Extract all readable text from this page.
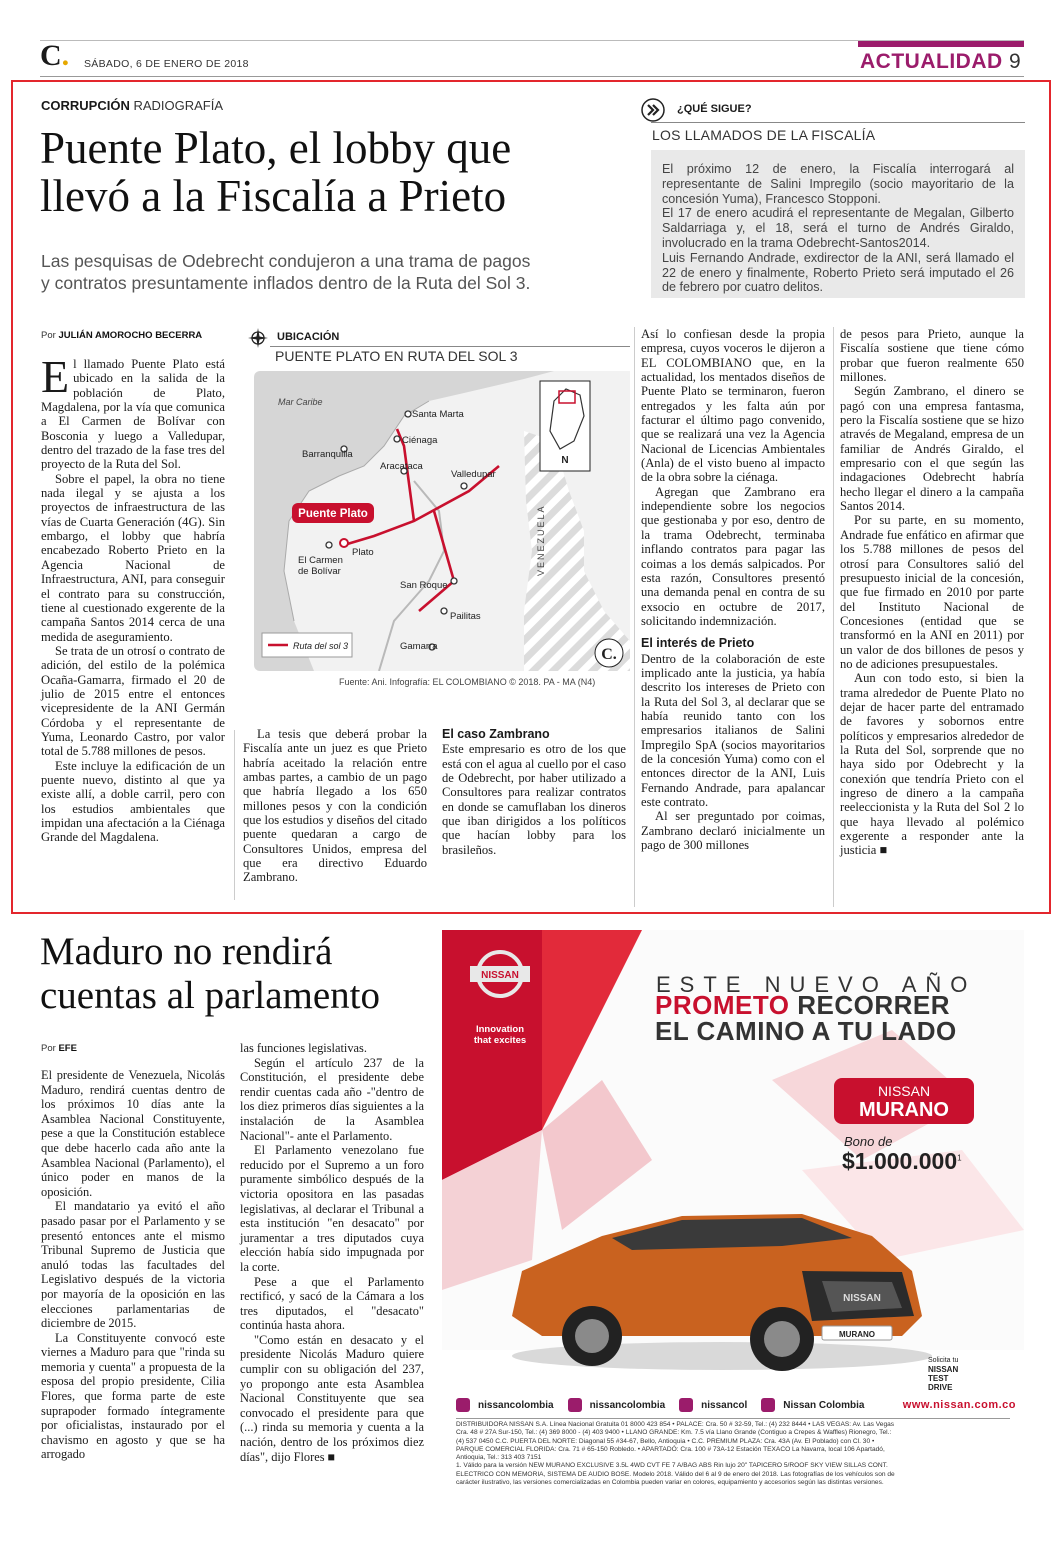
C. SÁBADO, 6 DE ENERO DE 2018	ACTUALIDAD 9
CORRUPCIÓN RADIOGRAFÍA
Puente Plato, el lobby que
llevó a la Fiscalía a Prieto
Las pesquisas de Odebrecht condujeron a una trama de pagos
y contratos presuntamente inflados dentro de la Ruta del Sol 3.
¿QUÉ SIGUE?
LOS LLAMADOS DE LA FISCALÍA
El próximo 12 de enero, la Fiscalía interrogará al representante de Salini Impregilo (socio mayoritario de la concesión Yuma), Francesco Stopponi.
El 17 de enero acudirá el representante de Megalan, Gilberto Saldarriaga y, el 18, será el turno de Andrés Giraldo, involucrado en la trama Odebrecht-Santos2014.
Luis Fernando Andrade, exdirector de la ANI, será llamado el 22 de enero y finalmente, Roberto Prieto será imputado el 26 de febrero por cuatro delitos.
Por JULIÁN AMOROCHO BECERRA
E l llamado Puente Plato está ubicado en la salida de la población de Plato, Magdalena, por la vía que comunica a El Carmen de Bolívar con Bosconia y luego a Valledupar, dentro del trazado de la fase tres del proyecto de la Ruta del Sol.

Sobre el papel, la obra no tiene nada ilegal y se ajusta a los proyectos de infraestructura de las vías de Cuarta Generación (4G). Sin embargo, el lobby que habría encabezado Roberto Prieto en la Agencia Nacional de Infraestructura, ANI, para conseguir el contrato para su construcción, tiene al cuestionado exgerente de la campaña Santos 2014 cerca de una medida de aseguramiento.

Se trata de un otrosí o contrato de adición, del estilo de la polémica Ocaña-Gamarra, firmado el 20 de julio de 2015 entre el entonces vicepresidente de la ANI Germán Córdoba y el representante de Yuma, Leonardo Castro, por valor total de 5.788 millones de pesos.

Este incluye la edificación de un puente nuevo, distinto al que ya existe allí, a doble carril, pero con los estudios ambientales que impidan una afectación a la Ciénaga Grande del Magdalena.

UBICACIÓN
PUENTE PLATO EN RUTA DEL SOL 3
Puente Plato
Mar Caribe
Santa Marta
Ciénaga
Barranquilla
Aracataca
Valledupar
Plato
El Carmen
de Bolívar
San Roque
Pailitas
Gamarra
VENEZUELA
N
Ruta del sol 3	C.
Fuente: Ani. Infografía: EL COLOMBIANO © 2018. PA - MA (N4)

La tesis que deberá probar la Fiscalía ante un juez es que Prieto habría aceitado la relación entre ambas partes, a cambio de un pago que habría llegado a los 650 millones pesos y con la condición que los estudios y diseños del citado puente quedaran a cargo de Consultores Unidos, empresa del que era directivo Eduardo Zambrano.

El caso Zambrano

Este empresario es otro de los que está con el agua al cuello por el caso de Odebrecht, por haber utilizado a Consultores para realizar contratos en donde se camuflaban los dineros que iban dirigidos a los políticos que hacían lobby para los brasileños.

Así lo confiesan desde la propia empresa, cuyos voceros le dijeron a EL COLOMBIANO que, en la actualidad, los mentados diseños de Puente Plato se terminaron, fueron entregados y les falta aún por facturar el último pago convenido, que se realizará una vez la Agencia Nacional de Licencias Ambientales (Anla) de el visto bueno al impacto de la obra sobre la ciénaga.

Agregan que Zambrano era independiente sobre los negocios que gestionaba y por eso, dentro de la trama Odebrecht, terminaba inflando contratos para pagar las coimas a los demás salpicados. Por esta razón, Consultores presentó una demanda penal en contra de su exsocio en octubre de 2017, solicitando indemnización.

El interés de Prieto

Dentro de la colaboración de este implicado ante la justicia, ya había descrito los intereses de Prieto con la Ruta del Sol 3, al declarar que se había reunido tanto con los empresarios italianos de Salini Impregilo SpA (socios mayoritarios de la concesión Yuma) como con el entonces director de la ANI, Luis Fernando Andrade, para apalancar este contrato.

Al ser preguntado por coimas, Zambrano declaró inicialmente un pago de 300 millones

de pesos para Prieto, aunque la Fiscalía sostiene que tiene cómo probar que fueron realmente 650 millones.

Según Zambrano, el dinero se pagó con una empresa fantasma, pero la Fiscalía sostiene que se hizo através de Megaland, empresa de un familiar de Andrés Giraldo, el empresario con el que según las indagaciones Odebrecht habría hecho llegar el dinero a la campaña Santos 2014.

Por su parte, en su momento, Andrade fue enfático en afirmar que los 5.788 millones de pesos del otrosí para Consultores salió del presupuesto inicial de la concesión, que fue firmado en 2010 por parte del Instituto Nacional de Concesiones (entidad que se transformó en la ANI en 2011) por un valor de dos billones de pesos y no de adiciones presupuestales.

Aun con todo esto, si bien la trama alrededor de Puente Plato no dejar de hacer parte del entramado de favores y sobornos entre políticos y empresarios alrededor de la Ruta del Sol, sorprende que no haya sido por Odebrecht y la conexión que tendría Prieto con el ingreso de dinero a la campaña reeleccionista y la Ruta del Sol 2 lo que haya llevado al polémico exgerente a responder ante la justicia ■

Maduro no rendirá
cuentas al parlamento
Por EFE

El presidente de Venezuela, Nicolás Maduro, rendirá cuentas dentro de los próximos 10 días ante la Asamblea Nacional Constituyente, pese a que la Constitución establece que debe hacerlo cada año ante la Asamblea Nacional (Parlamento), el único poder en manos de la oposición.

El mandatario ya evitó el año pasado pasar por el Parlamento y se presentó entonces ante el mismo Tribunal Supremo de Justicia que anuló todas las facultades del Legislativo después de la victoria por mayoría de la oposición en las elecciones parlamentarias de diciembre de 2015.

La Constituyente convocó este viernes a Maduro para que "rinda su memoria y cuenta" a propuesta de la esposa del propio presidente, Cilia Flores, que forma parte de este suprapoder formado íntegramente por oficialistas, instaurado por el chavismo en agosto y que se ha arrogado

las funciones legislativas.

Según el artículo 237 de la Constitución, el presidente debe rendir cuentas cada año -"dentro de los diez primeros días siguientes a la instalación de la Asamblea Nacional"- ante el Parlamento.

El Parlamento venezolano fue reducido por el Supremo a un foro puramente simbólico después de la victoria opositora en las pasadas legislativas, al declarar el Tribunal a esta institución "en desacato" por juramentar a tres diputados cuya elección había sido impugnada por la corte.

Pese a que el Parlamento rectificó, y sacó de la Cámara a los tres diputados, el "desacato" continúa hasta ahora.

"Como están en desacato y el presidente Nicolás Maduro quiere cumplir con su obligación del 237, yo propongo ante esta Asamblea Nacional Constituyente que sea convocado el presidente para que (...) rinda su memoria y cuenta a la nación, dentro de los próximos diez días", dijo Flores ■

NISSAN
Innovation
that excites
ESTE NUEVO AÑO
PROMETO RECORRER
EL CAMINO A TU LADO
NISSAN
MURANO
Bono de
$1.000.000$^1$
NISSAN
MURANO
Solicita tu
NISSAN
TEST
DRIVE
nissancolombia	nissancolombia	nissancol	Nissan Colombia	www.nissan.com.co
DISTRIBUIDORA NISSAN S.A. Línea Nacional Gratuita 01 8000 423 854 • PALACÉ: Cra. 50 # 32-59, Tel.: (4) 232 8444 • LAS VEGAS: Av. Las Vegas
Cra. 48 # 27A Sur-150, Tel.: (4) 369 8000 - (4) 403 9400 • LLANO GRANDE: Km. 7.5 vía Llano Grande (Contiguo a Crepes & Waffles) Rionegro, Tel.:
(4) 537 0450 C.C. PUERTA DEL NORTE: Diagonal 55 #34-67, Bello, Antioquia • C.C. PREMIUM PLAZA: Cra. 43A (Av. El Poblado) con Cl. 30 •
PARQUE COMERCIAL FLORIDA: Cra. 71 # 65-150 Robledo. • APARTADÓ: Cra. 100 # 73A-12 Estación TEXACO La Navarra, local 106 Apartadó,
Antioquia, Tel.: 313 403 7151
1. Válido para la versión NEW MURANO EXCLUSIVE 3.5L 4WD CVT FE 7 A/BAG ABS Rin lujo 20" TAPICERO 5/ROOF SKY VIEW SILLAS CONT.
ELECTRICO CON MEMORIA, SISTEMA DE AUDIO BOSE. Modelo 2018. Válido del 6 al 9 de enero del 2018. Las fotografías de los vehículos son de
carácter ilustrativo, las versiones comercializadas en Colombia pueden variar en colores, equipamiento y accesorios según las distintas versiones.
